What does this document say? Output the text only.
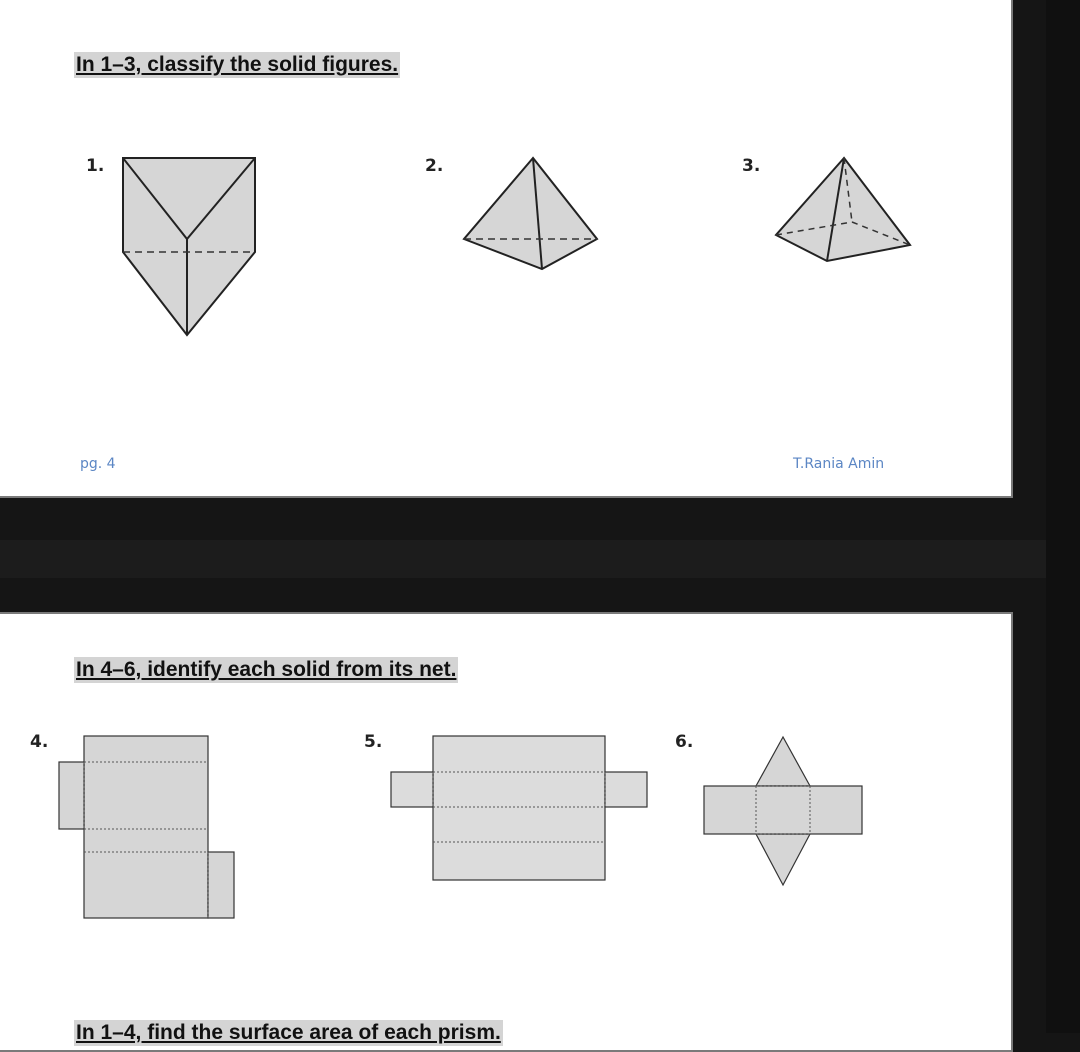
In 1–3, classify the solid figures.
1.	2.	3.
pg. 4	T.Rania Amin
In 4–6, identify each solid from its net.
4.	5.	6.
In 1–4, find the surface area of each prism.
